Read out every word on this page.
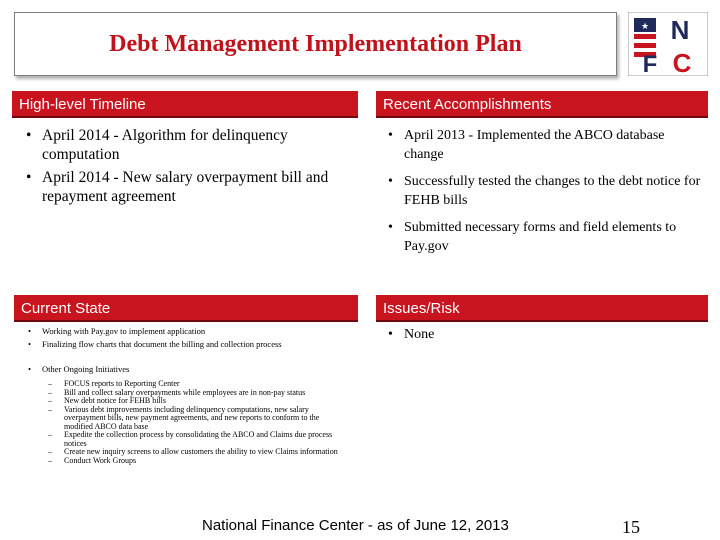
Debt Management Implementation Plan
★ N
F C
High-level Timeline	Recent Accomplishments
Current State	Issues/Risk
• April 2014 - Algorithm for delinquency computation
• April 2014 - New salary overpayment bill and repayment agreement
• April 2013 - Implemented the ABCO database change
• Successfully tested the changes to the debt notice for FEHB bills
• Submitted necessary forms and field elements to Pay.gov
• Working with Pay.gov to implement application
• Finalizing flow charts that document the billing and collection process
• Other Ongoing Initiatives
– FOCUS reports to Reporting Center
– Bill and collect salary overpayments while employees are in non-pay status
– New debt notice for FEHB bills
– Various debt improvements including delinquency computations, new salary overpayment bills, new payment agreements, and new reports to conform to the modified ABCO data base
– Expedite the collection process by consolidating the ABCO and Claims due process notices
– Create new inquiry screens to allow customers the ability to view Claims information
– Conduct Work Groups
• None
National Finance Center - as of June 12, 2013	15
